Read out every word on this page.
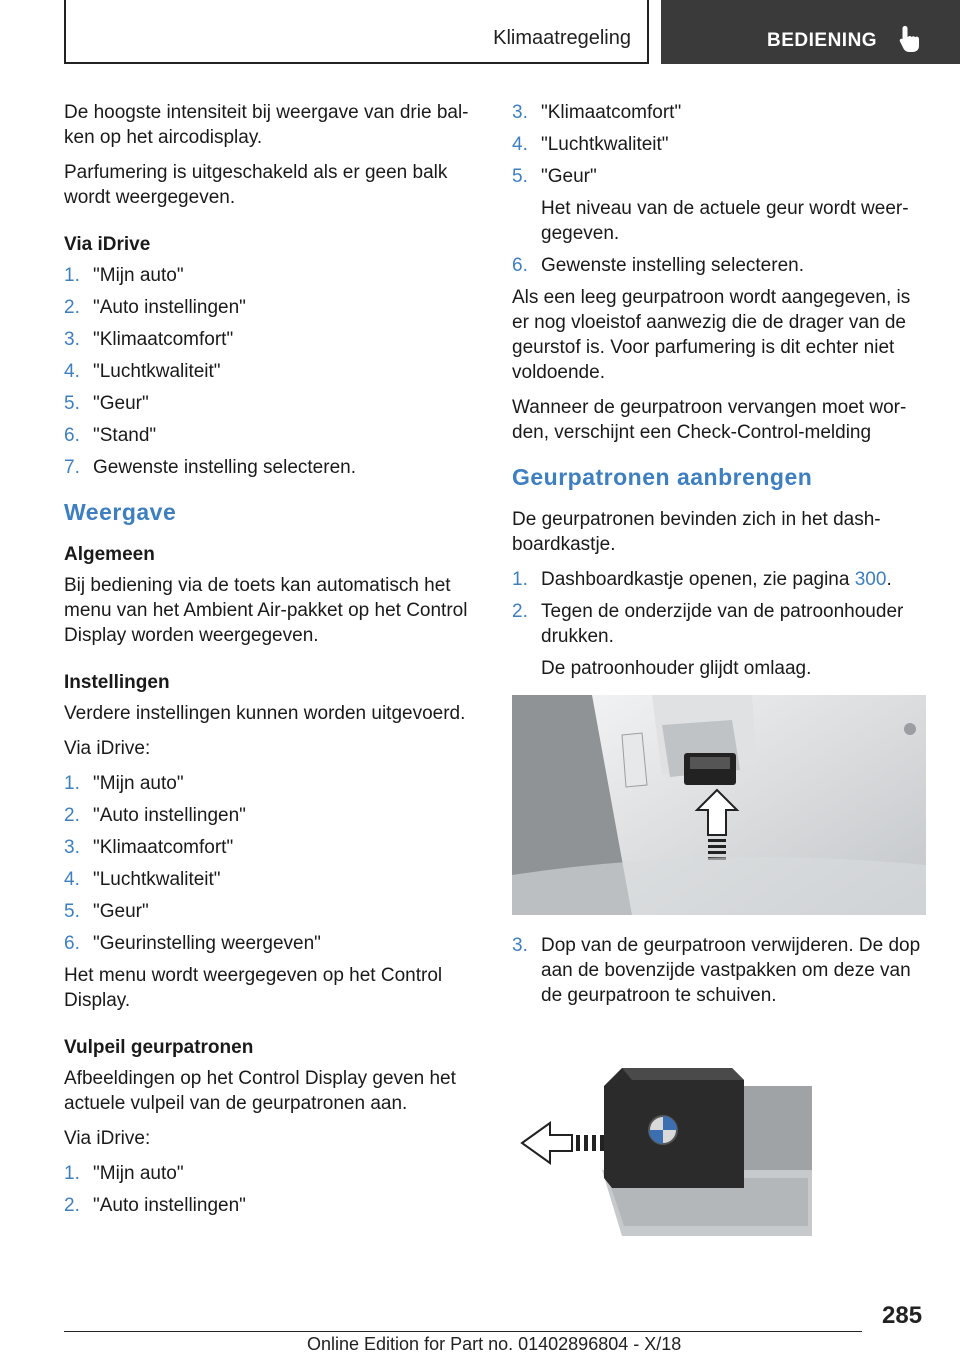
Klimaatregeling	BEDIENING

De hoogste intensiteit bij weergave van drie bal-ken op het aircodisplay.

Parfumering is uitgeschakeld als er geen balk wordt weergegeven.

Via iDrive
1. "Mijn auto"
2. "Auto instellingen"
3. "Klimaatcomfort"
4. "Luchtkwaliteit"
5. "Geur"
6. "Stand"
7. Gewenste instelling selecteren.
Weergave
Algemeen

Bij bediening via de toets kan automatisch het menu van het Ambient Air-pakket op het Control Display worden weergegeven.

Instellingen

Verdere instellingen kunnen worden uitgevoerd.

Via iDrive:

1. "Mijn auto"
2. "Auto instellingen"
3. "Klimaatcomfort"
4. "Luchtkwaliteit"
5. "Geur"
6. "Geurinstelling weergeven"

Het menu wordt weergegeven op het Control Display.

Vulpeil geurpatronen

Afbeeldingen op het Control Display geven het actuele vulpeil van de geurpatronen aan.

Via iDrive:

1. "Mijn auto"
2. "Auto instellingen"
3. "Klimaatcomfort"
4. "Luchtkwaliteit"
5. "Geur"
Het niveau van de actuele geur wordt weer-gegeven.
6. Gewenste instelling selecteren.

Als een leeg geurpatroon wordt aangegeven, is er nog vloeistof aanwezig die de drager van de geurstof is. Voor parfumering is dit echter niet voldoende.

Wanneer de geurpatroon vervangen moet wor-den, verschijnt een Check-Control-melding

Geurpatronen aanbrengen

De geurpatronen bevinden zich in het dash-boardkastje.

1. Dashboardkastje openen, zie pagina 300.
2. Tegen de onderzijde van de patroonhouder drukken.
De patroonhouder glijdt omlaag.
3. Dop van de geurpatroon verwijderen. De dop aan de bovenzijde vastpakken om deze van de geurpatroon te schuiven.
285
Online Edition for Part no. 01402896804 - X/18
